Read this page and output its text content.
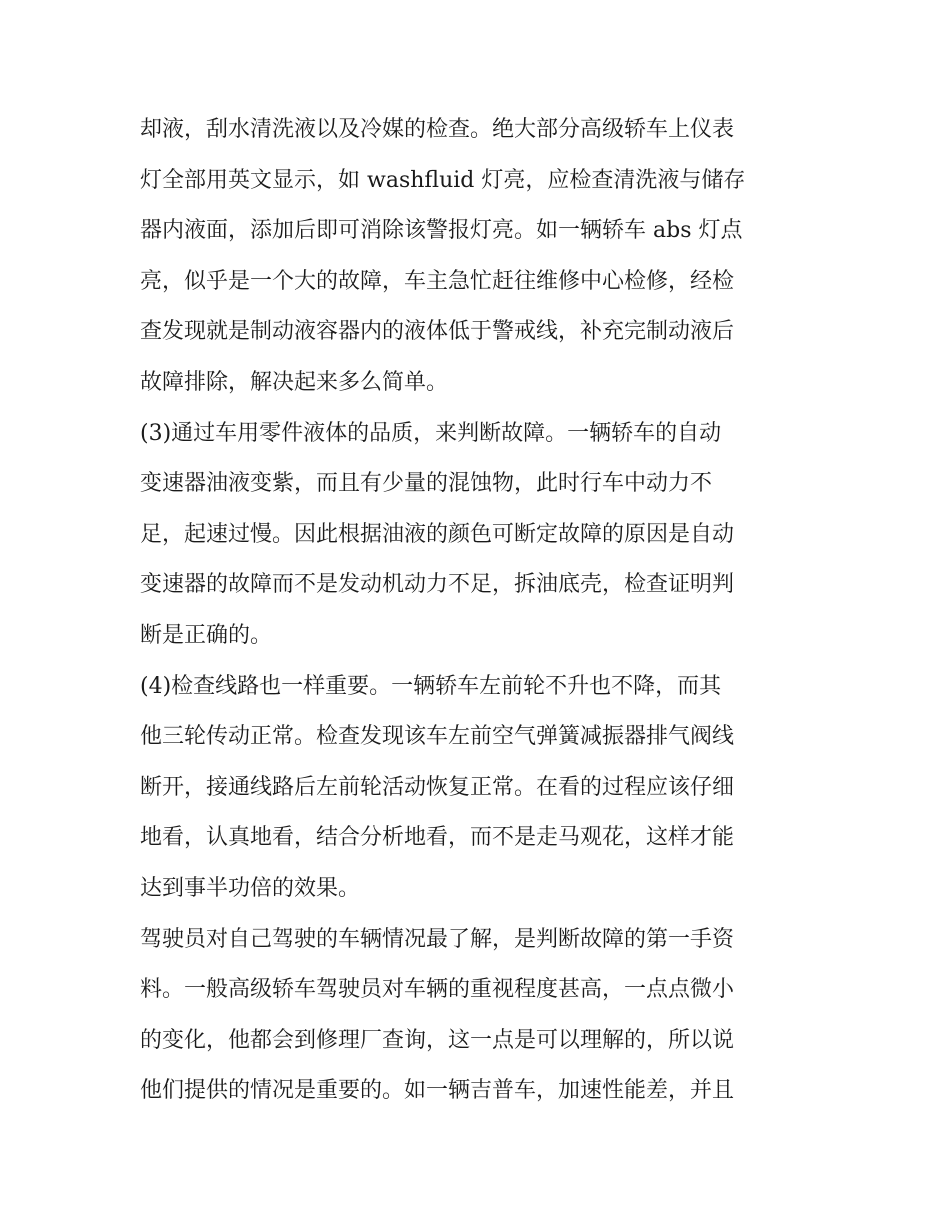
却液，刮水清洗液以及冷媒的检查。绝大部分高级轿车上仪表
灯全部用英文显示，如 washfluid 灯亮，应检查清洗液与储存
器内液面，添加后即可消除该警报灯亮。如一辆轿车 abs 灯点
亮，似乎是一个大的故障，车主急忙赶往维修中心检修，经检
查发现就是制动液容器内的液体低于警戒线，补充完制动液后
故障排除，解决起来多么简单。
(3)通过车用零件液体的品质，来判断故障。一辆轿车的自动
变速器油液变紫，而且有少量的混蚀物，此时行车中动力不
足，起速过慢。因此根据油液的颜色可断定故障的原因是自动
变速器的故障而不是发动机动力不足，拆油底壳，检查证明判
断是正确的。
(4)检查线路也一样重要。一辆轿车左前轮不升也不降，而其
他三轮传动正常。检查发现该车左前空气弹簧减振器排气阀线
断开，接通线路后左前轮活动恢复正常。在看的过程应该仔细
地看，认真地看，结合分析地看，而不是走马观花，这样才能
达到事半功倍的效果。
驾驶员对自己驾驶的车辆情况最了解，是判断故障的第一手资
料。一般高级轿车驾驶员对车辆的重视程度甚高，一点点微小
的变化，他都会到修理厂查询，这一点是可以理解的，所以说
他们提供的情况是重要的。如一辆吉普车，加速性能差，并且
